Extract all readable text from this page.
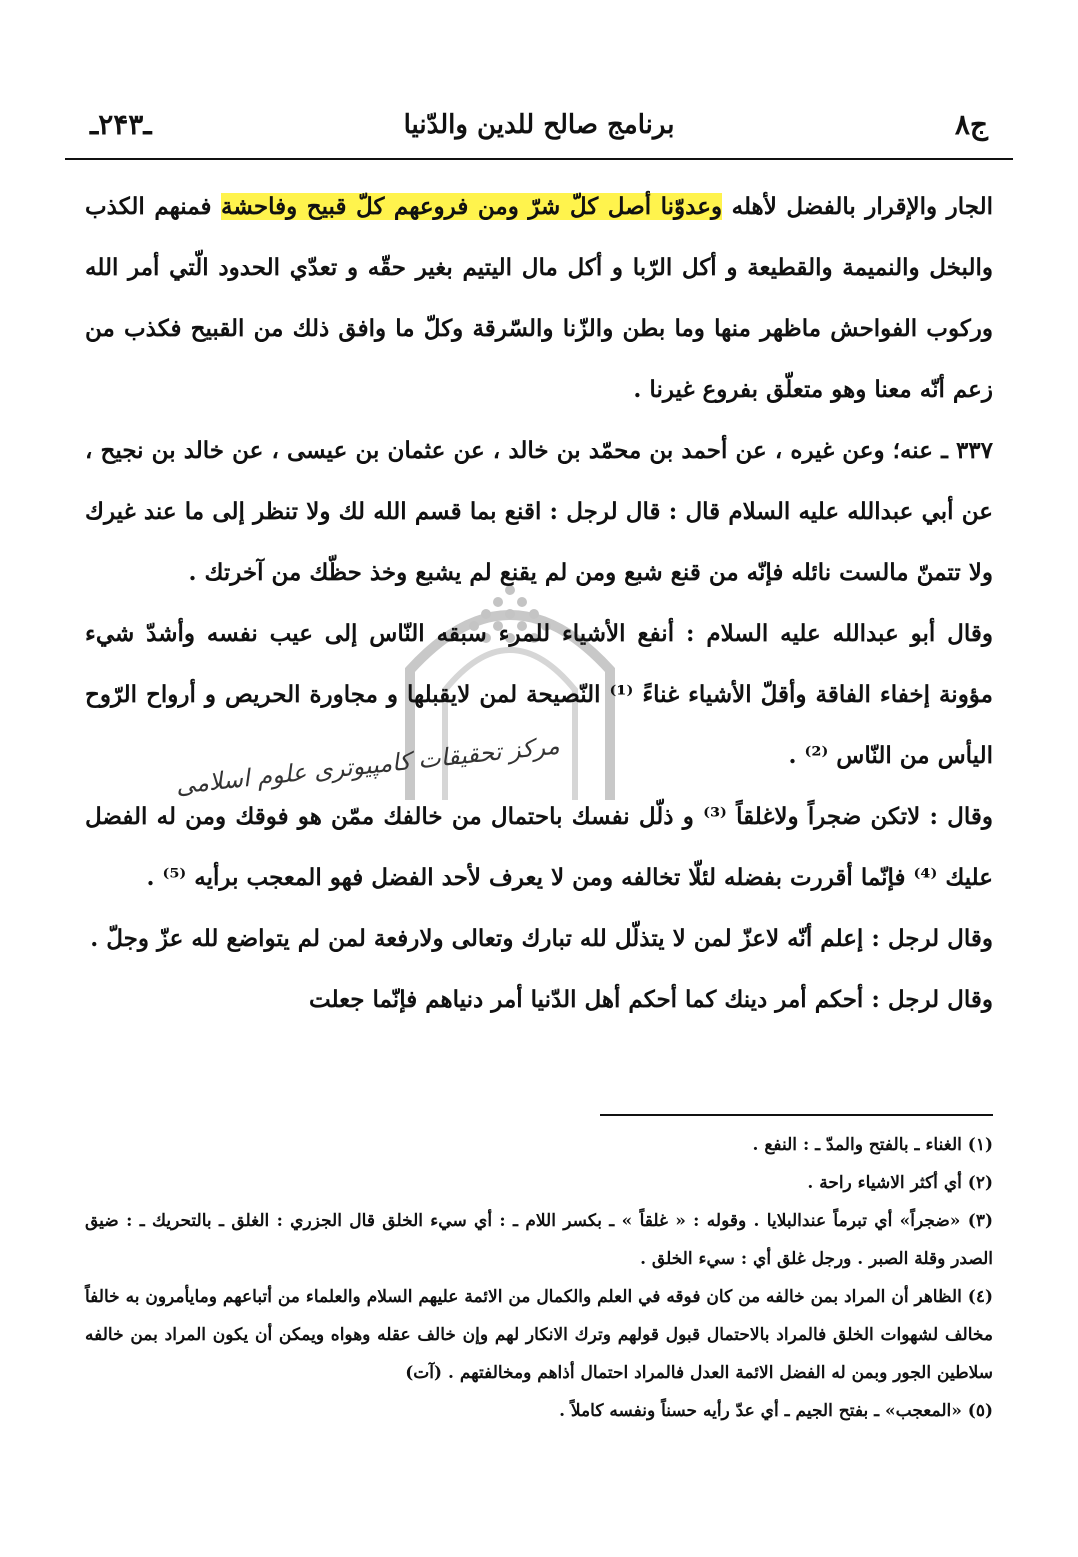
ج۸
برنامج صالح للدين والدّنيا
ـ۲۴۳ـ
مرکز تحقیقات کامپیوتری علوم اسلامی

الجار والإقرار بالفضل لأهله وعدوّنا أصل كلّ شرّ ومن فروعهم كلّ قبيح وفاحشة فمنهم الكذب والبخل والنميمة والقطيعة و أكل الرّبا و أكل مال اليتيم بغير حقّه و تعدّي الحدود الّتي أمر الله وركوب الفواحش ماظهر منها وما بطن والزّنا والسّرقة وكلّ ما وافق ذلك من القبيح فكذب من زعم أنّه معنا وهو متعلّق بفروع غيرنا .

۳۳۷ ـ عنه؛ وعن غيره ، عن أحمد بن محمّد بن خالد ، عن عثمان بن عيسى ، عن خالد بن نجيح ، عن أبي عبدالله عليه السلام قال : قال لرجل : اقنع بما قسم الله لك ولا تنظر إلى ما عند غيرك ولا تتمنّ مالست نائله فإنّه من قنع شبع ومن لم يقنع لم يشبع وخذ حظّك من آخرتك .

وقال أبو عبدالله عليه السلام : أنفع الأشياء للمرء سبقه النّاس إلى عيب نفسه وأشدّ شيء مؤونة إخفاء الفاقة وأقلّ الأشياء غناءً ⁽¹⁾ النّصيحة لمن لايقبلها و مجاورة الحريص و أرواح الرّوح اليأس من النّاس ⁽²⁾ .

وقال : لاتكن ضجراً ولاغلقاً ⁽³⁾ و ذلّل نفسك باحتمال من خالفك ممّن هو فوقك ومن له الفضل عليك ⁽⁴⁾ فإنّما أقررت بفضله لئلّا تخالفه ومن لا يعرف لأحد الفضل فهو المعجب برأيه ⁽⁵⁾ .

وقال لرجل : إعلم أنّه لاعزّ لمن لا يتذلّل لله تبارك وتعالى ولارفعة لمن لم يتواضع لله عزّ وجلّ .

وقال لرجل : أحكم أمر دينك كما أحكم أهل الدّنيا أمر دنياهم فإنّما جعلت

(۱) الغناء ـ بالفتح والمدّ ـ : النفع .

(۲) أي أكثر الاشياء راحة .

(۳) «ضجراً» أي تبرماً عندالبلايا . وقوله : « غلقاً » ـ بكسر اللام ـ : أي سيء الخلق قال الجزري : الغلق ـ بالتحريك ـ : ضيق الصدر وقلة الصبر . ورجل غلق أي : سيء الخلق .

(٤) الظاهر أن المراد بمن خالفه من كان فوقه في العلم والكمال من الائمة عليهم السلام والعلماء من أتباعهم ومايأمرون به خالفاً مخالف لشهوات الخلق فالمراد بالاحتمال قبول قولهم وترك الانكار لهم وإن خالف عقله وهواه ويمكن أن يكون المراد بمن خالفه سلاطين الجور وبمن له الفضل الائمة العدل فالمراد احتمال أذاهم ومخالفتهم . (آت)

(٥) «المعجب» ـ بفتح الجيم ـ أي عدّ رأيه حسناً ونفسه كاملاً .
